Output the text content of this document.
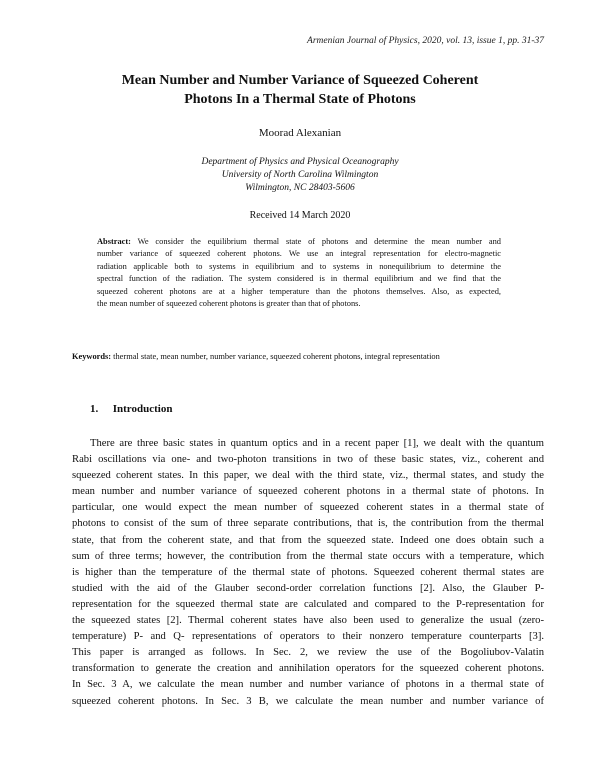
Armenian Journal of Physics, 2020, vol. 13, issue 1, pp. 31-37
Mean Number and Number Variance of Squeezed Coherent
Photons In a Thermal State of Photons
Moorad Alexanian
Department of Physics and Physical Oceanography
University of North Carolina Wilmington
Wilmington, NC 28403-5606
Received 14 March 2020
Abstract: We consider the equilibrium thermal state of photons and determine the mean number and
number variance of squeezed coherent photons. We use an integral representation for electro-magnetic
radiation applicable both to systems in equilibrium and to systems in nonequilibrium to determine the
spectral function of the radiation. The system considered is in thermal equilibrium and we find that the
squeezed coherent photons are at a higher temperature than the photons themselves. Also, as expected,
the mean number of squeezed coherent photons is greater than that of photons.
Keywords: thermal state, mean number, number variance, squeezed coherent photons, integral representation
1. Introduction
There are three basic states in quantum optics and in a recent paper [1], we dealt with the quantum
Rabi oscillations via one- and two-photon transitions in two of these basic states, viz., coherent and
squeezed coherent states. In this paper, we deal with the third state, viz., thermal states, and study the
mean number and number variance of squeezed coherent photons in a thermal state of photons. In
particular, one would expect the mean number of squeezed coherent states in a thermal state of
photons to consist of the sum of three separate contributions, that is, the contribution from the thermal
state, that from the coherent state, and that from the squeezed state. Indeed one does obtain such a
sum of three terms; however, the contribution from the thermal state occurs with a temperature, which
is higher than the temperature of the thermal state of photons. Squeezed coherent thermal states are
studied with the aid of the Glauber second-order correlation functions [2]. Also, the Glauber P-
representation for the squeezed thermal state are calculated and compared to the P-representation for
the squeezed states [2]. Thermal coherent states have also been used to generalize the usual (zero-
temperature) P- and Q- representations of operators to their nonzero temperature counterparts [3].
This paper is arranged as follows. In Sec. 2, we review the use of the Bogoliubov-Valatin
transformation to generate the creation and annihilation operators for the squeezed coherent photons.
In Sec. 3 A, we calculate the mean number and number variance of photons in a thermal state of
squeezed coherent photons. In Sec. 3 B, we calculate the mean number and number variance of
